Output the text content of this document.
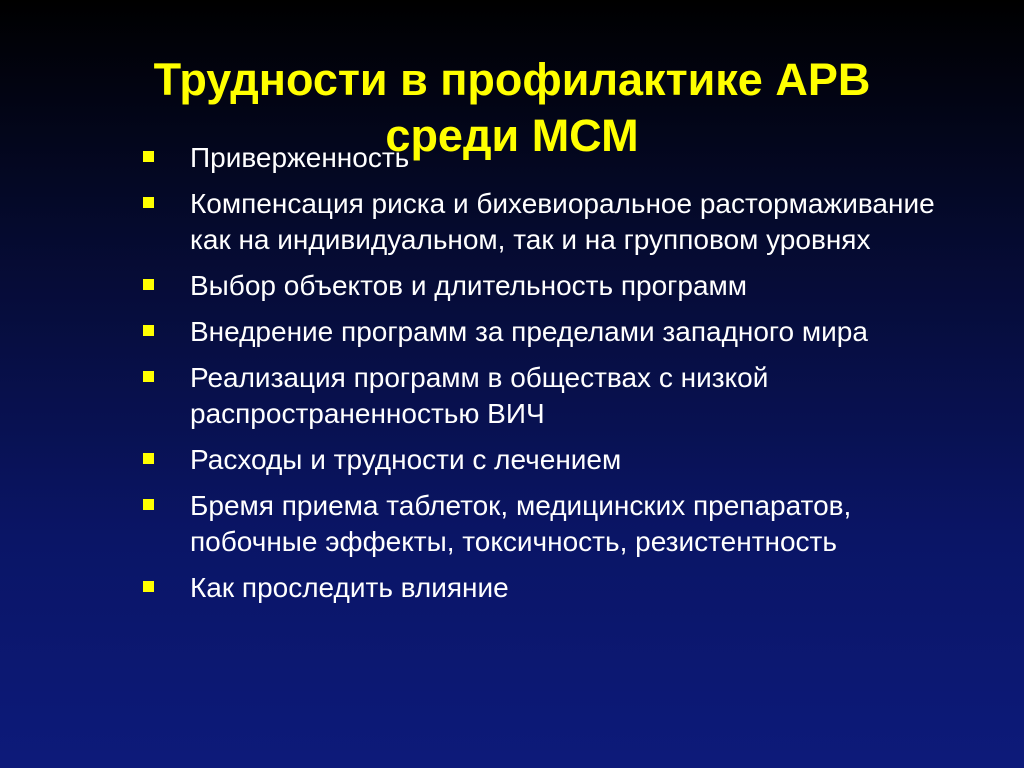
Трудности в профилактике АРВ
среди МСМ
Приверженность
Компенсация риска и бихевиоральное растормаживание как на индивидуальном, так и на групповом уровнях
Выбор объектов и длительность программ
Внедрение программ за пределами западного мира
Реализация программ в обществах с низкой распространенностью ВИЧ
Расходы и трудности с лечением
Бремя приема таблеток, медицинских препаратов, побочные эффекты, токсичность, резистентность
Как проследить влияние
